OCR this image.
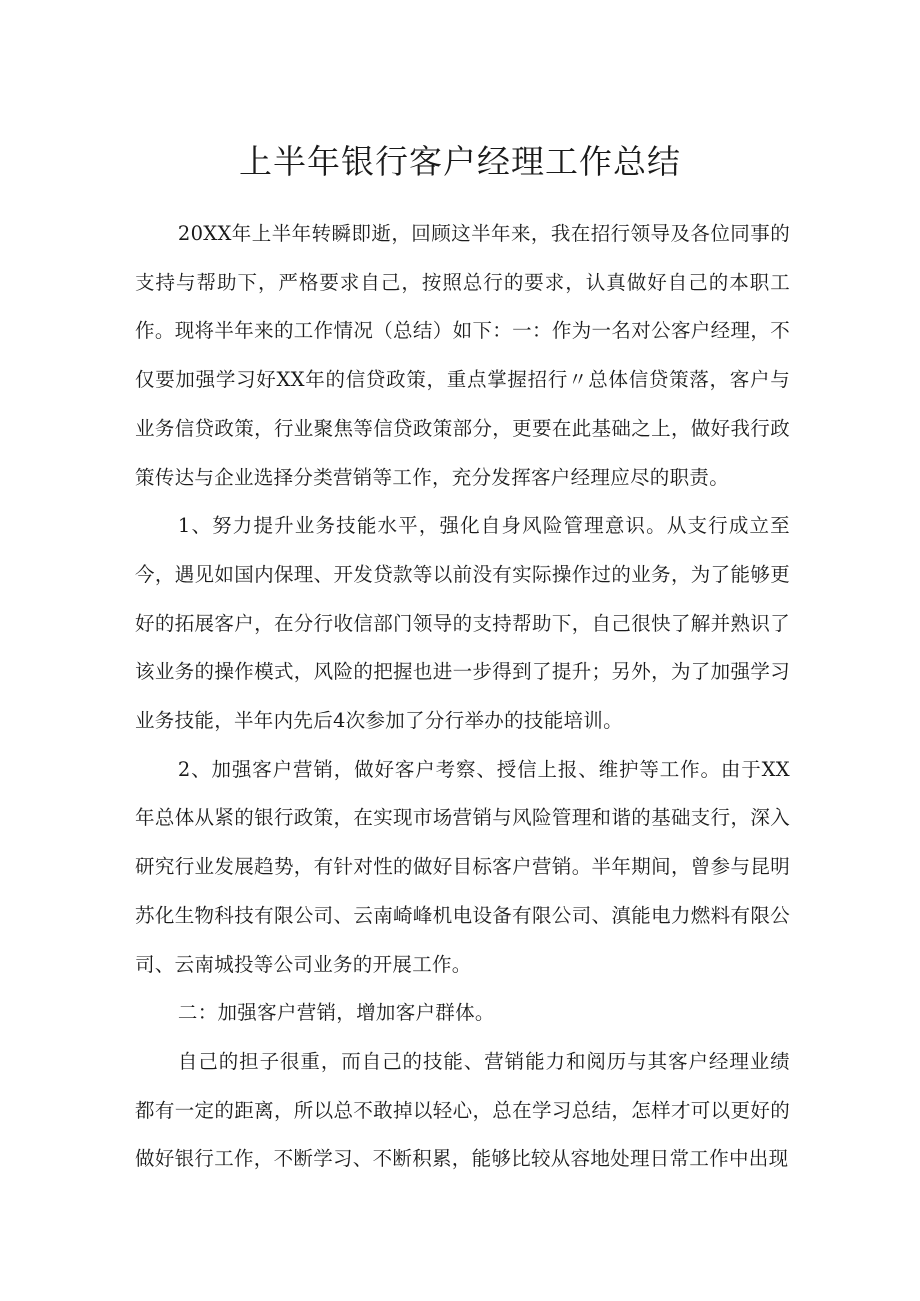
上半年银行客户经理工作总结

20XX年上半年转瞬即逝，回顾这半年来，我在招行领导及各位同事的支持与帮助下，严格要求自己，按照总行的要求，认真做好自己的本职工作。现将半年来的工作情况（总结）如下：一：作为一名对公客户经理，不仅要加强学习好XX年的信贷政策，重点掌握招行〃总体信贷策落，客户与业务信贷政策，行业聚焦等信贷政策部分，更要在此基础之上，做好我行政策传达与企业选择分类营销等工作，充分发挥客户经理应尽的职责。

1、努力提升业务技能水平，强化自身风险管理意识。从支行成立至今，遇见如国内保理、开发贷款等以前没有实际操作过的业务，为了能够更好的拓展客户，在分行收信部门领导的支持帮助下，自己很快了解并熟识了该业务的操作模式，风险的把握也进一步得到了提升；另外，为了加强学习业务技能，半年内先后4次参加了分行举办的技能培训。

2、加强客户营销，做好客户考察、授信上报、维护等工作。由于XX年总体从紧的银行政策，在实现市场营销与风险管理和谐的基础支行，深入研究行业发展趋势，有针对性的做好目标客户营销。半年期间，曾参与昆明苏化生物科技有限公司、云南崎峰机电设备有限公司、滇能电力燃料有限公司、云南城投等公司业务的开展工作。

二：加强客户营销，增加客户群体。

自己的担子很重，而自己的技能、营销能力和阅历与其客户经理业绩都有一定的距离，所以总不敢掉以轻心，总在学习总结，怎样才可以更好的做好银行工作，不断学习、不断积累，能够比较从容地处理日常工作中出现
